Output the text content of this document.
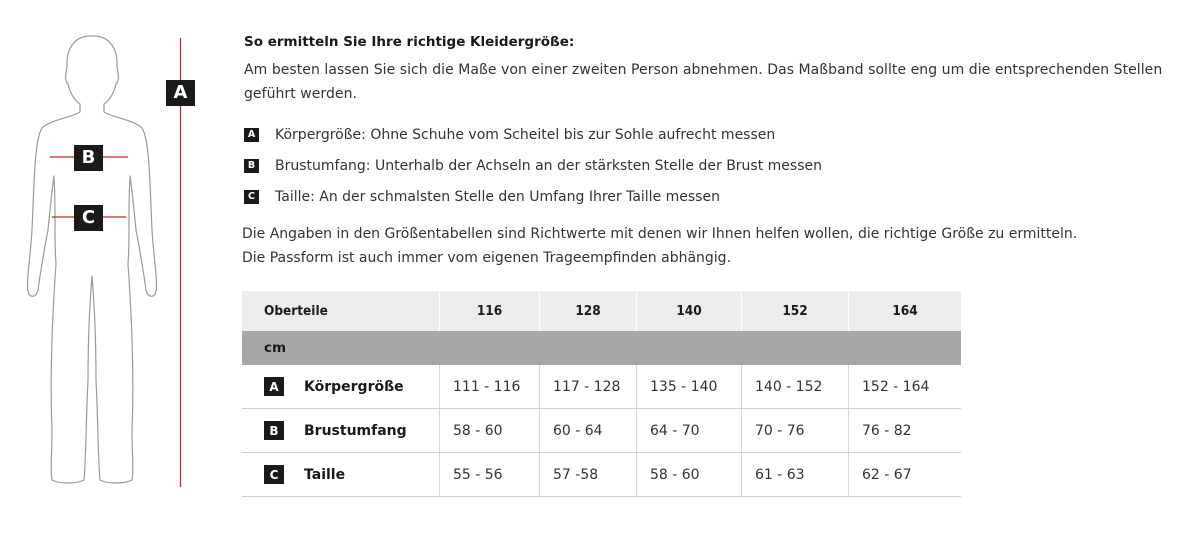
A
B
C
So ermitteln Sie Ihre richtige Kleidergröße:
Am besten lassen Sie sich die Maße von einer zweiten Person abnehmen. Das Maßband sollte eng um die entsprechenden Stellen geführt werden.
A Körpergröße: Ohne Schuhe vom Scheitel bis zur Sohle aufrecht messen
B Brustumfang: Unterhalb der Achseln an der stärksten Stelle der Brust messen
C Taille: An der schmalsten Stelle den Umfang Ihrer Taille messen
Die Angaben in den Größentabellen sind Richtwerte mit denen wir Ihnen helfen wollen, die richtige Größe zu ermitteln.
Die Passform ist auch immer vom eigenen Trageempfinden abhängig.
Oberteile	116	128	140	152	164
cm
A	Körpergröße	111 - 116	117 - 128	135 - 140	140 - 152	152 - 164
B	Brustumfang	58 - 60	60 - 64	64 - 70	70 - 76	76 - 82
C	Taille	55 - 56	57 -58	58 - 60	61 - 63	62 - 67
